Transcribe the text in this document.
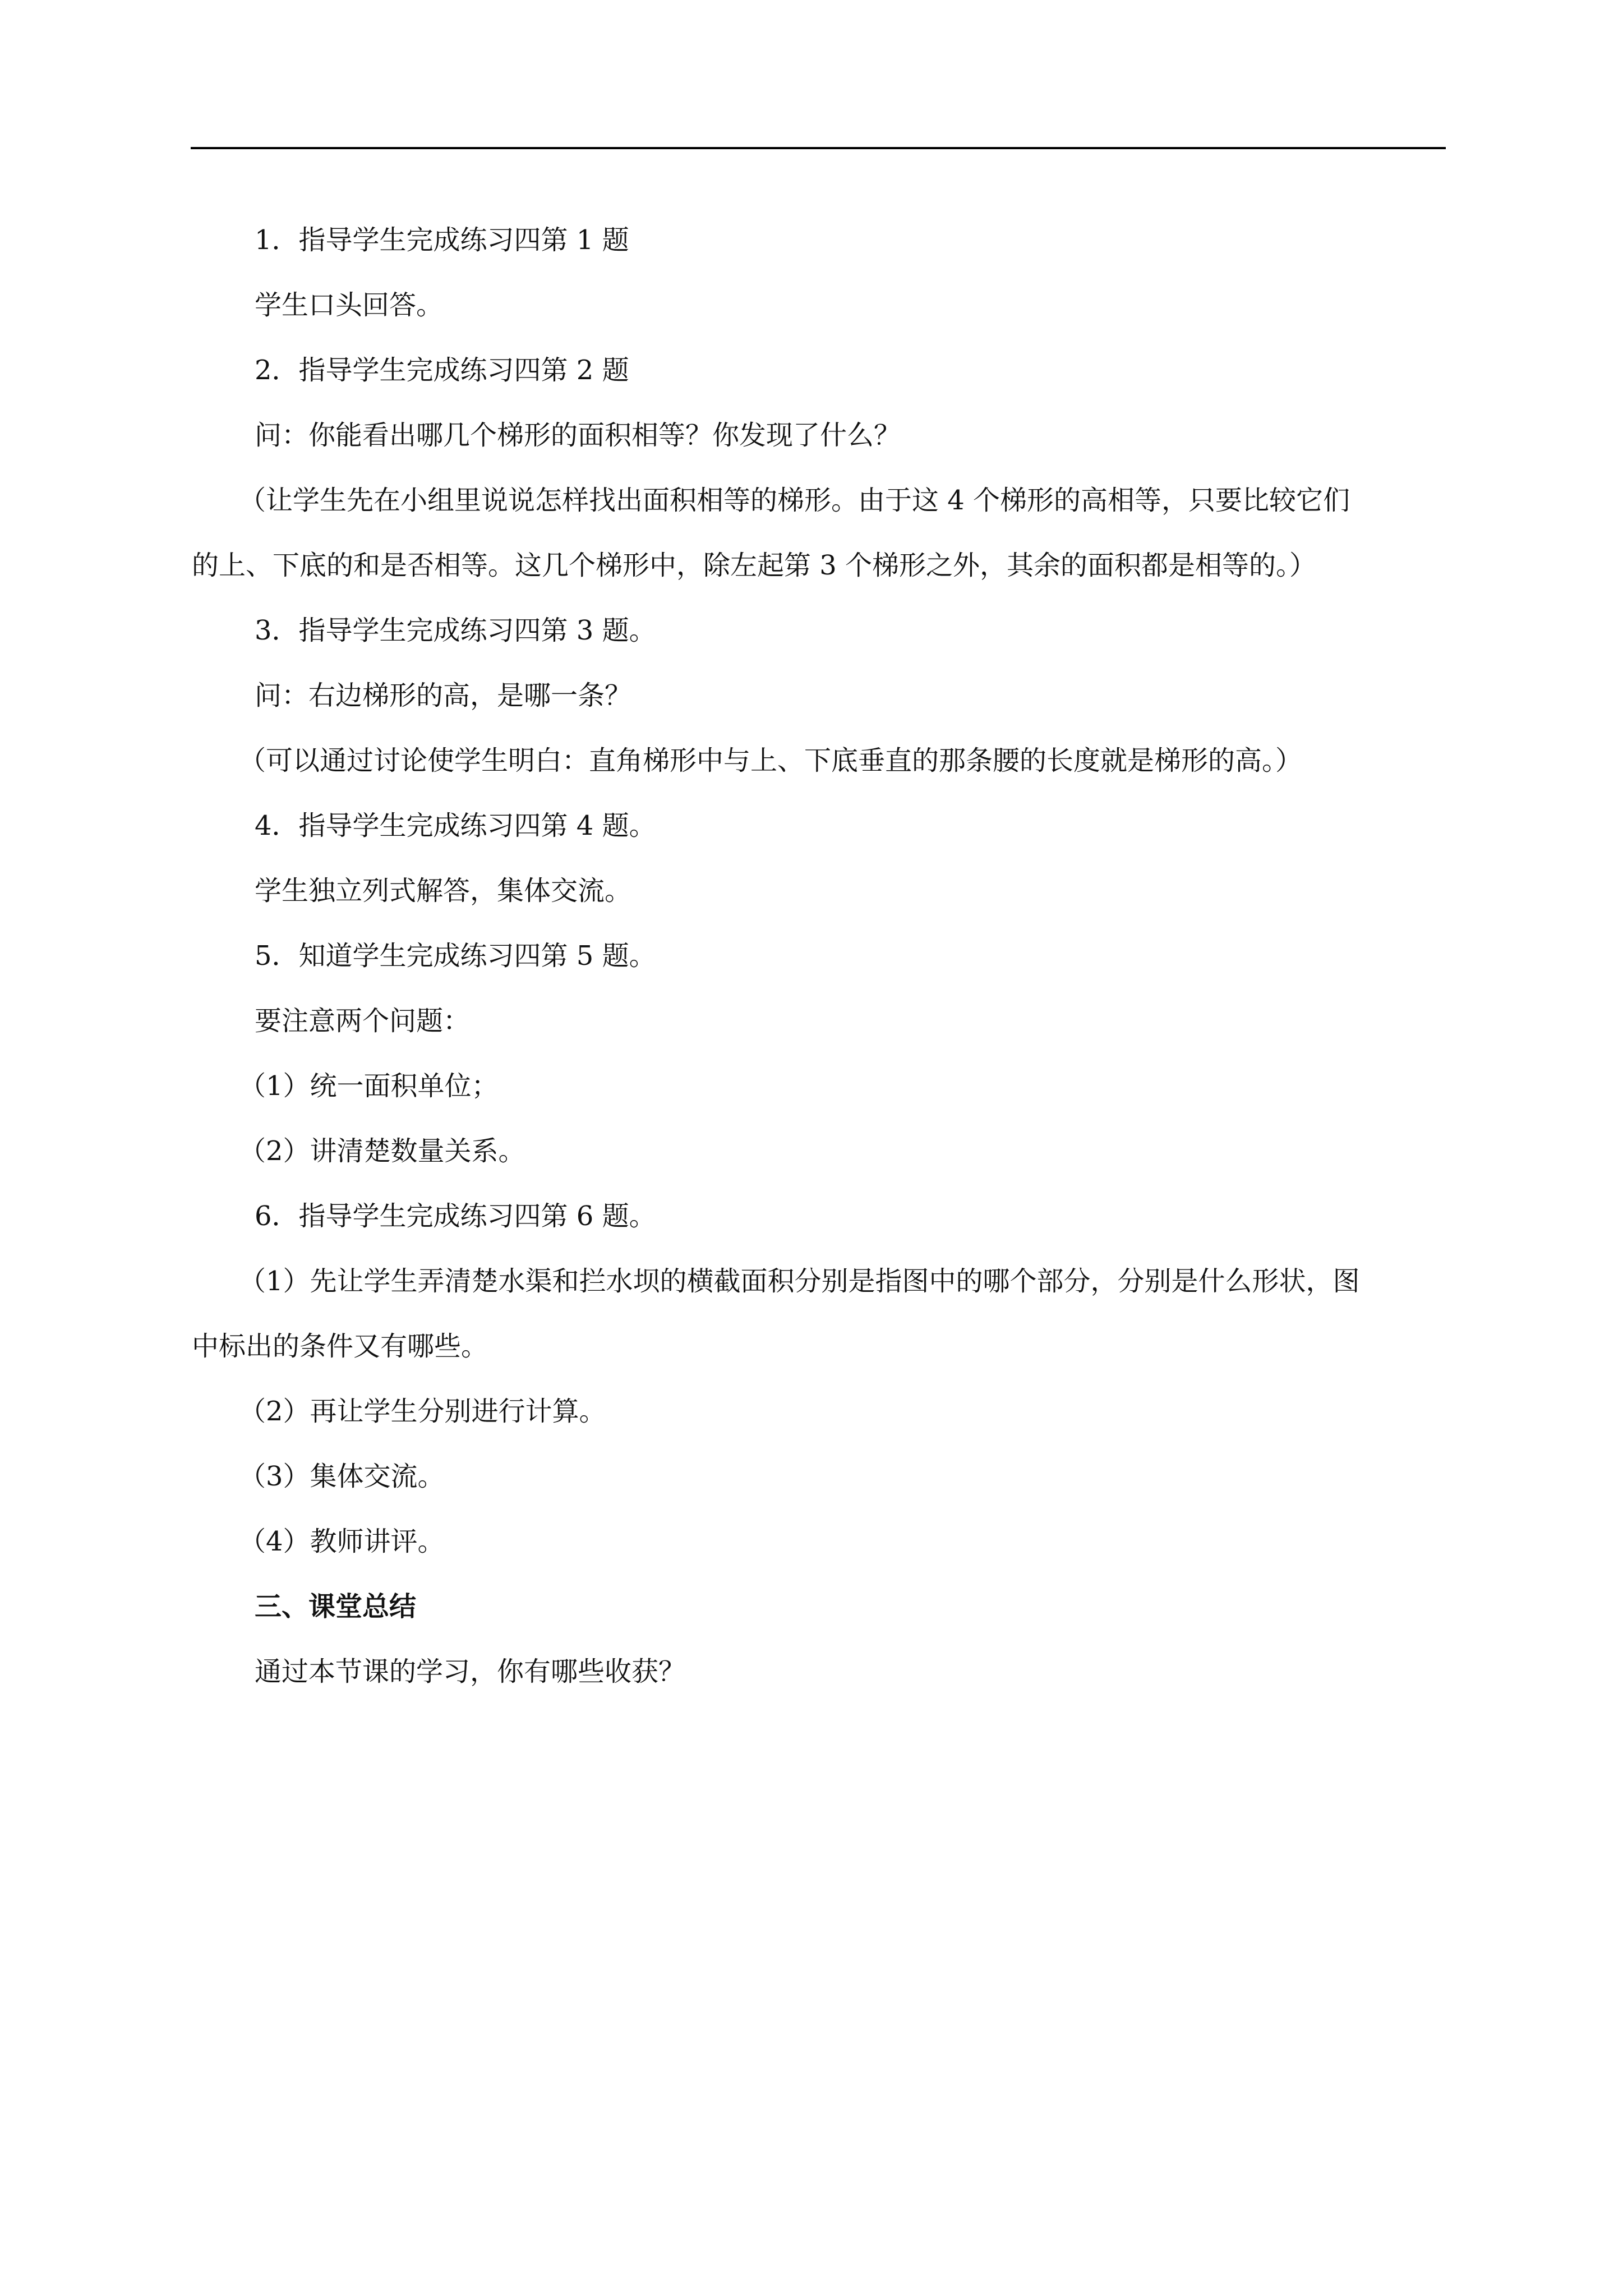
1．指导学生完成练习四第 1 题

学生口头回答。

2．指导学生完成练习四第 2 题

问：你能看出哪几个梯形的面积相等？你发现了什么？

（让学生先在小组里说说怎样找出面积相等的梯形。由于这 4 个梯形的高相等，只要比较它们

的上、下底的和是否相等。这几个梯形中，除左起第 3 个梯形之外，其余的面积都是相等的。）

3．指导学生完成练习四第 3 题。

问：右边梯形的高，是哪一条？

（可以通过讨论使学生明白：直角梯形中与上、下底垂直的那条腰的长度就是梯形的高。）

4．指导学生完成练习四第 4 题。

学生独立列式解答，集体交流。

5．知道学生完成练习四第 5 题。

要注意两个问题：

（1）统一面积单位；

（2）讲清楚数量关系。

6．指导学生完成练习四第 6 题。

（1）先让学生弄清楚水渠和拦水坝的横截面积分别是指图中的哪个部分，分别是什么形状，图

中标出的条件又有哪些。

（2）再让学生分别进行计算。

（3）集体交流。

（4）教师讲评。

三、课堂总结

通过本节课的学习，你有哪些收获？
